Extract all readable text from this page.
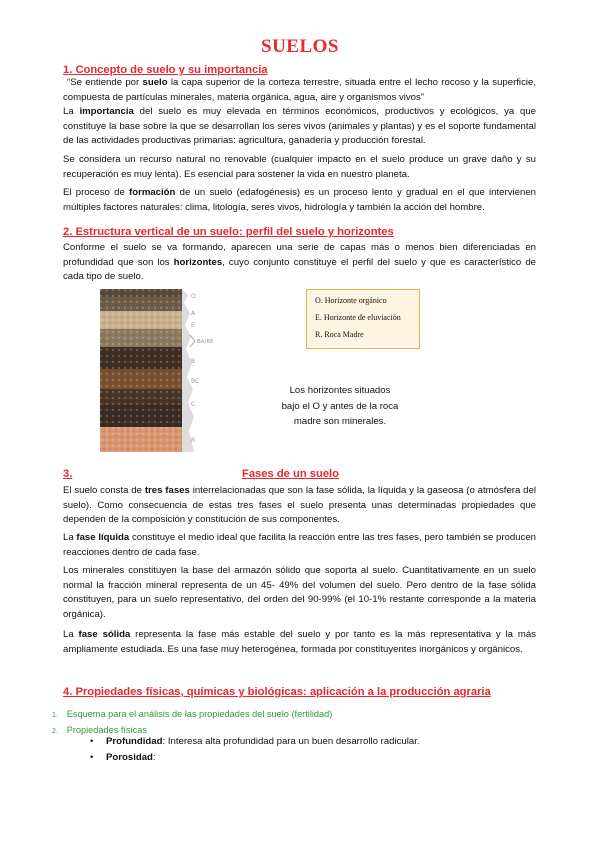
SUELOS
1. Concepto de suelo y su importancia
“Se entiende por suelo la capa superior de la corteza terrestre, situada entre el lecho rocoso y la superficie, compuesta de partículas minerales, materia orgánica, agua, aire y organismos vivos”
La importancia del suelo es muy elevada en términos económicos, productivos y ecológicos, ya que constituye la base sobre la que se desarrollan los seres vivos (animales y plantas) y es el soporte fundamental de las actividades productivas primarias: agricultura, ganadería y producción forestal.
Se considera un recurso natural no renovable (cualquier impacto en el suelo produce un grave daño y su recuperación es muy lenta). Es esencial para sostener la vida en nuestro planeta.
El proceso de formación de un suelo (edafogénesis) es un proceso lento y gradual en el que intervienen múltiples factores naturales: clima, litología, seres vivos, hidrología y también la acción del hombre.
2. Estructura vertical de un suelo: perfil del suelo y horizontes
Conforme el suelo se va formando, aparecen una serie de capas más o menos bien diferenciadas en profundidad que son los horizontes, cuyo conjunto constituye el perfil del suelo y que es característico de cada tipo de suelo.
O
A
E
BA/BE
B
BC
C
R
O. Horizonte orgánico
E. Horizonte de eluviación
R. Roca Madre
Los horizontes situados bajo el O y antes de la roca madre son minerales.
3.	Fases de un suelo
El suelo consta de tres fases interrelacionadas que son la fase sólida, la líquida y la gaseosa (o atmósfera del suelo). Como consecuencia de estas tres fases el suelo presenta unas determinadas propiedades que dependen de la composición y constitución de sus componentes.
La fase líquida constituye el medio ideal que facilita la reacción entre las tres fases, pero también se producen reacciones dentro de cada fase.
Los minerales constituyen la base del armazón sólido que soporta al suelo. Cuantitativamente en un suelo normal la fracción mineral representa de un 45- 49% del volumen del suelo. Pero dentro de la fase sólida constituyen, para un suelo representativo, del orden del 90-99% (el 10-1% restante corresponde a la materia orgánica).
La fase sólida representa la fase más estable del suelo y por tanto es la más representativa y la más ampliamente estudiada. Es una fase muy heterogénea, formada por constituyentes inorgánicos y orgánicos.
4. Propiedades físicas, químicas y biológicas: aplicación a la producción agraria
1. Esquema para el análisis de las propiedades del suelo (fertilidad)
2. Propiedades físicas
• Profundidad: Interesa alta profundidad para un buen desarrollo radicular.
• Porosidad:
